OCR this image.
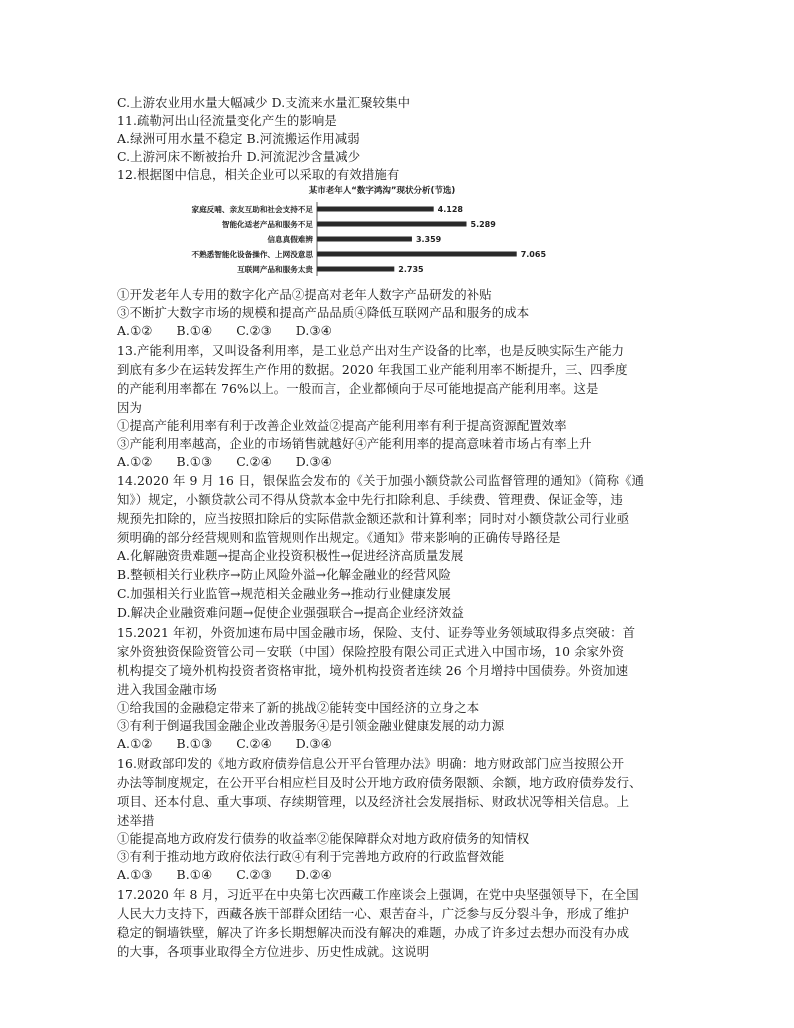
C.上游农业用水量大幅减少 D.支流来水量汇聚较集中
11.疏勒河出山径流量变化产生的影响是
A.绿洲可用水量不稳定 B.河流搬运作用减弱
C.上游河床不断被抬升 D.河流泥沙含量减少
12.根据图中信息，相关企业可以采取的有效措施有
某市老年人“数字鸿沟”现状分析(节选)
家庭反哺、亲友互助和社会支持不足	4.128
智能化适老产品和服务不足	5.289
信息真假难辨	3.359
不熟悉智能化设备操作、上网没意思	7.065
互联网产品和服务太贵	2.735
①开发老年人专用的数字化产品②提高对老年人数字产品研发的补贴
③不断扩大数字市场的规模和提高产品品质④降低互联网产品和服务的成本
A.①② B.①④ C.②③ D.③④
13.产能利用率，又叫设备利用率，是工业总产出对生产设备的比率，也是反映实际生产能力
到底有多少在运转发挥生产作用的数据。2020 年我国工业产能利用率不断提升，三、四季度
的产能利用率都在 76%以上。一般而言，企业都倾向于尽可能地提高产能利用率。这是
因为
①提高产能利用率有利于改善企业效益②提高产能利用率有利于提高资源配置效率
③产能利用率越高，企业的市场销售就越好④产能利用率的提高意味着市场占有率上升
A.①② B.①③ C.②④ D.③④
14.2020 年 9 月 16 日，银保监会发布的《关于加强小额贷款公司监督管理的通知》（简称《通
知》）规定，小额贷款公司不得从贷款本金中先行扣除利息、手续费、管理费、保证金等，违
规预先扣除的，应当按照扣除后的实际借款金额还款和计算利率；同时对小额贷款公司行业亟
须明确的部分经营规则和监管规则作出规定。《通知》带来影响的正确传导路径是
A.化解融资贵难题→提高企业投资积极性→促进经济高质量发展
B.整顿相关行业秩序→防止风险外溢→化解金融业的经营风险
C.加强相关行业监管→规范相关金融业务→推动行业健康发展
D.解决企业融资难问题→促使企业强强联合→提高企业经济效益
15.2021 年初，外资加速布局中国金融市场，保险、支付、证券等业务领域取得多点突破：首
家外资独资保险资管公司－安联（中国）保险控股有限公司正式进入中国市场，10 余家外资
机构提交了境外机构投资者资格审批，境外机构投资者连续 26 个月增持中国债券。外资加速
进入我国金融市场
①给我国的金融稳定带来了新的挑战②能转变中国经济的立身之本
③有利于倒逼我国金融企业改善服务④是引领金融业健康发展的动力源
A.①② B.①③ C.②④ D.③④
16.财政部印发的《地方政府债券信息公开平台管理办法》明确：地方财政部门应当按照公开
办法等制度规定，在公开平台相应栏目及时公开地方政府债务限额、余额，地方政府债券发行、
项目、还本付息、重大事项、存续期管理，以及经济社会发展指标、财政状况等相关信息。上
述举措
①能提高地方政府发行债券的收益率②能保障群众对地方政府债务的知情权
③有利于推动地方政府依法行政④有利于完善地方政府的行政监督效能
A.①③ B.①④ C.②③ D.②④
17.2020 年 8 月，习近平在中央第七次西藏工作座谈会上强调，在党中央坚强领导下，在全国
人民大力支持下，西藏各族干部群众团结一心、艰苦奋斗，广泛参与反分裂斗争，形成了维护
稳定的铜墙铁壁，解决了许多长期想解决而没有解决的难题，办成了许多过去想办而没有办成
的大事，各项事业取得全方位进步、历史性成就。这说明
